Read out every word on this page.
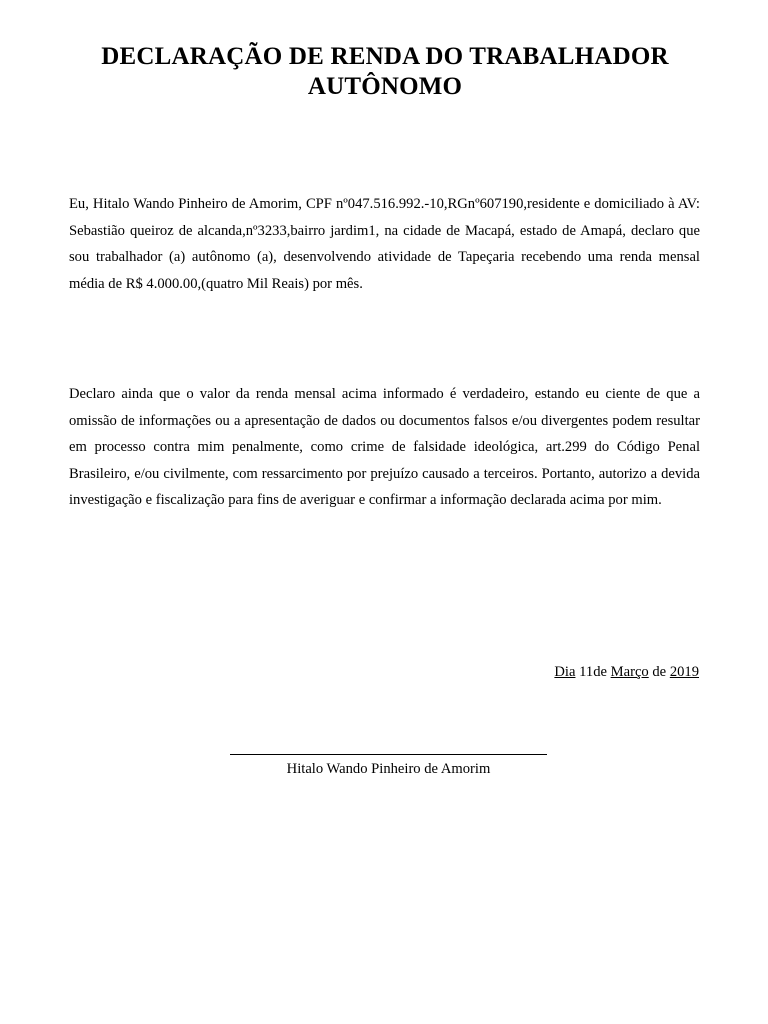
DECLARAÇÃO DE RENDA DO TRABALHADOR AUTÔNOMO
Eu, Hitalo Wando Pinheiro de Amorim, CPF nº047.516.992.-10,RGnº607190,residente e domiciliado à AV: Sebastião queiroz de alcanda,nº3233,bairro jardim1, na cidade de Macapá, estado de Amapá, declaro que sou trabalhador (a) autônomo (a), desenvolvendo atividade de Tapeçaria recebendo uma renda mensal média de R$ 4.000.00,(quatro Mil Reais) por mês.
Declaro ainda que o valor da renda mensal acima informado é verdadeiro, estando eu ciente de que a omissão de informações ou a apresentação de dados ou documentos falsos e/ou divergentes podem resultar em processo contra mim penalmente, como crime de falsidade ideológica, art.299 do Código Penal Brasileiro, e/ou civilmente, com ressarcimento por prejuízo causado a terceiros. Portanto, autorizo a devida investigação e fiscalização para fins de averiguar e confirmar a informação declarada acima por mim.
Dia 11de Março de 2019
Hitalo Wando Pinheiro de Amorim
